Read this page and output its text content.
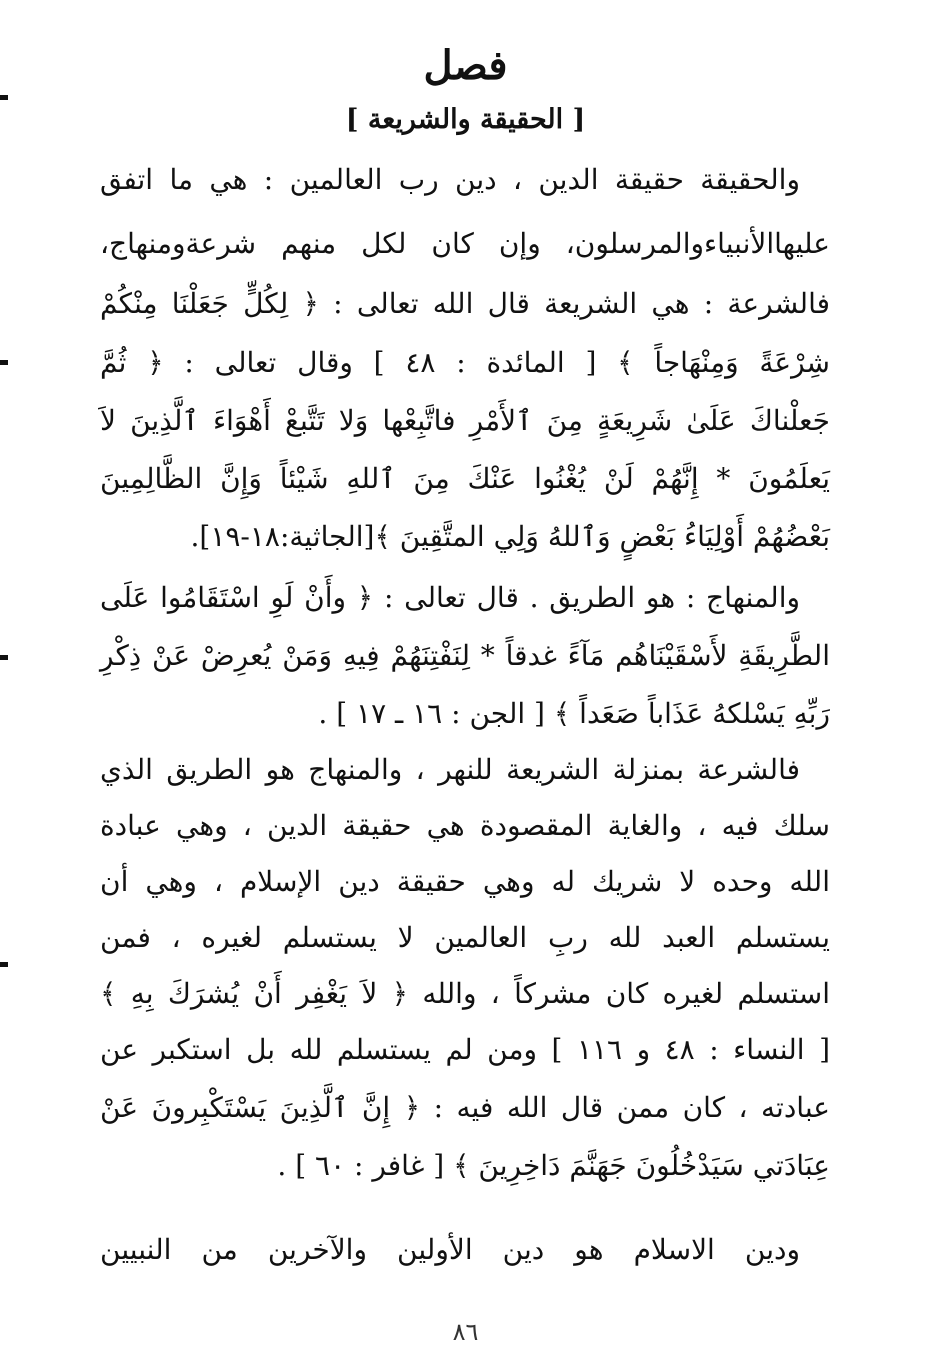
فصل
[ الحقيقة والشريعة ]
والحقيقة حقيقة الدين ، دين رب العالمين : هي ما اتفق
عليهاالأنبياءوالمرسلون، وإن كان لكل منهم شرعةومنهاج،
فالشرعة : هي الشريعة قال الله تعالى : ﴿ لِكُلٍّ جَعَلْنَا مِنْكُمْ
شِرْعَةً وَمِنْهَاجاً ﴾ [ المائدة : ٤٨ ] وقال تعالى : ﴿ ثُمَّ
جَعلْناكَ عَلَىٰ شَرِيعَةٍ مِنَ ٱلأَمْرِ فاتَّبِعْها وَلا تَتَّبعْ أَهْوَاءَ ٱلَّذِينَ لاَ
يَعلَمُونَ * إِنَّهُمْ لَنْ يُغْنُوا عَنْكَ مِنَ ٱللهِ شَيْئاً وَإِنَّ الظَّالِمِينَ
بَعْضُهُمْ أَوْلِيَاءُ بَعْضٍ وَٱللهُ وَلِي المتَّقِينَ ﴾[الجاثية:١٨-١٩].
والمنهاج : هو الطريق . قال تعالى : ﴿ وأَنْ لَوِ اسْتَقَامُوا عَلَى
الطَّرِيقَةِ لأَسْقَيْنَاهُم مَآءً غدقاً * لِنَفْتِنَهُمْ فِيهِ وَمَنْ يُعرِضْ عَنْ ذِكْرِ
رَبِّهِ يَسْلكهُ عَذَاباً صَعَداً ﴾ [ الجن : ١٦ ـ ١٧ ] .
فالشرعة بمنزلة الشريعة للنهر ، والمنهاج هو الطريق الذي
سلك فيه ، والغاية المقصودة هي حقيقة الدين ، وهي عبادة
الله وحده لا شريك له وهي حقيقة دين الإسلام ، وهي أن
يستسلم العبد لله ربِ العالمين لا يستسلم لغيره ، فمن
استسلم لغيره كان مشركاً ، والله ﴿ لاَ يَغْفِر أَنْ يُشرَكَ بِهِ ﴾
[ النساء : ٤٨ و ١١٦ ] ومن لم يستسلم لله بل استكبر عن
عبادته ، كان ممن قال الله فيه : ﴿ إِنَّ ٱلَّذِينَ يَسْتَكْبِرونَ عَنْ
عِبَادَتي سَيَدْخُلُونَ جَهَنَّمَ دَاخِرِينَ ﴾ [ غافر : ٦٠ ] .
ودين الاسلام هو دين الأولين والآخرين من النبيين
٨٦
